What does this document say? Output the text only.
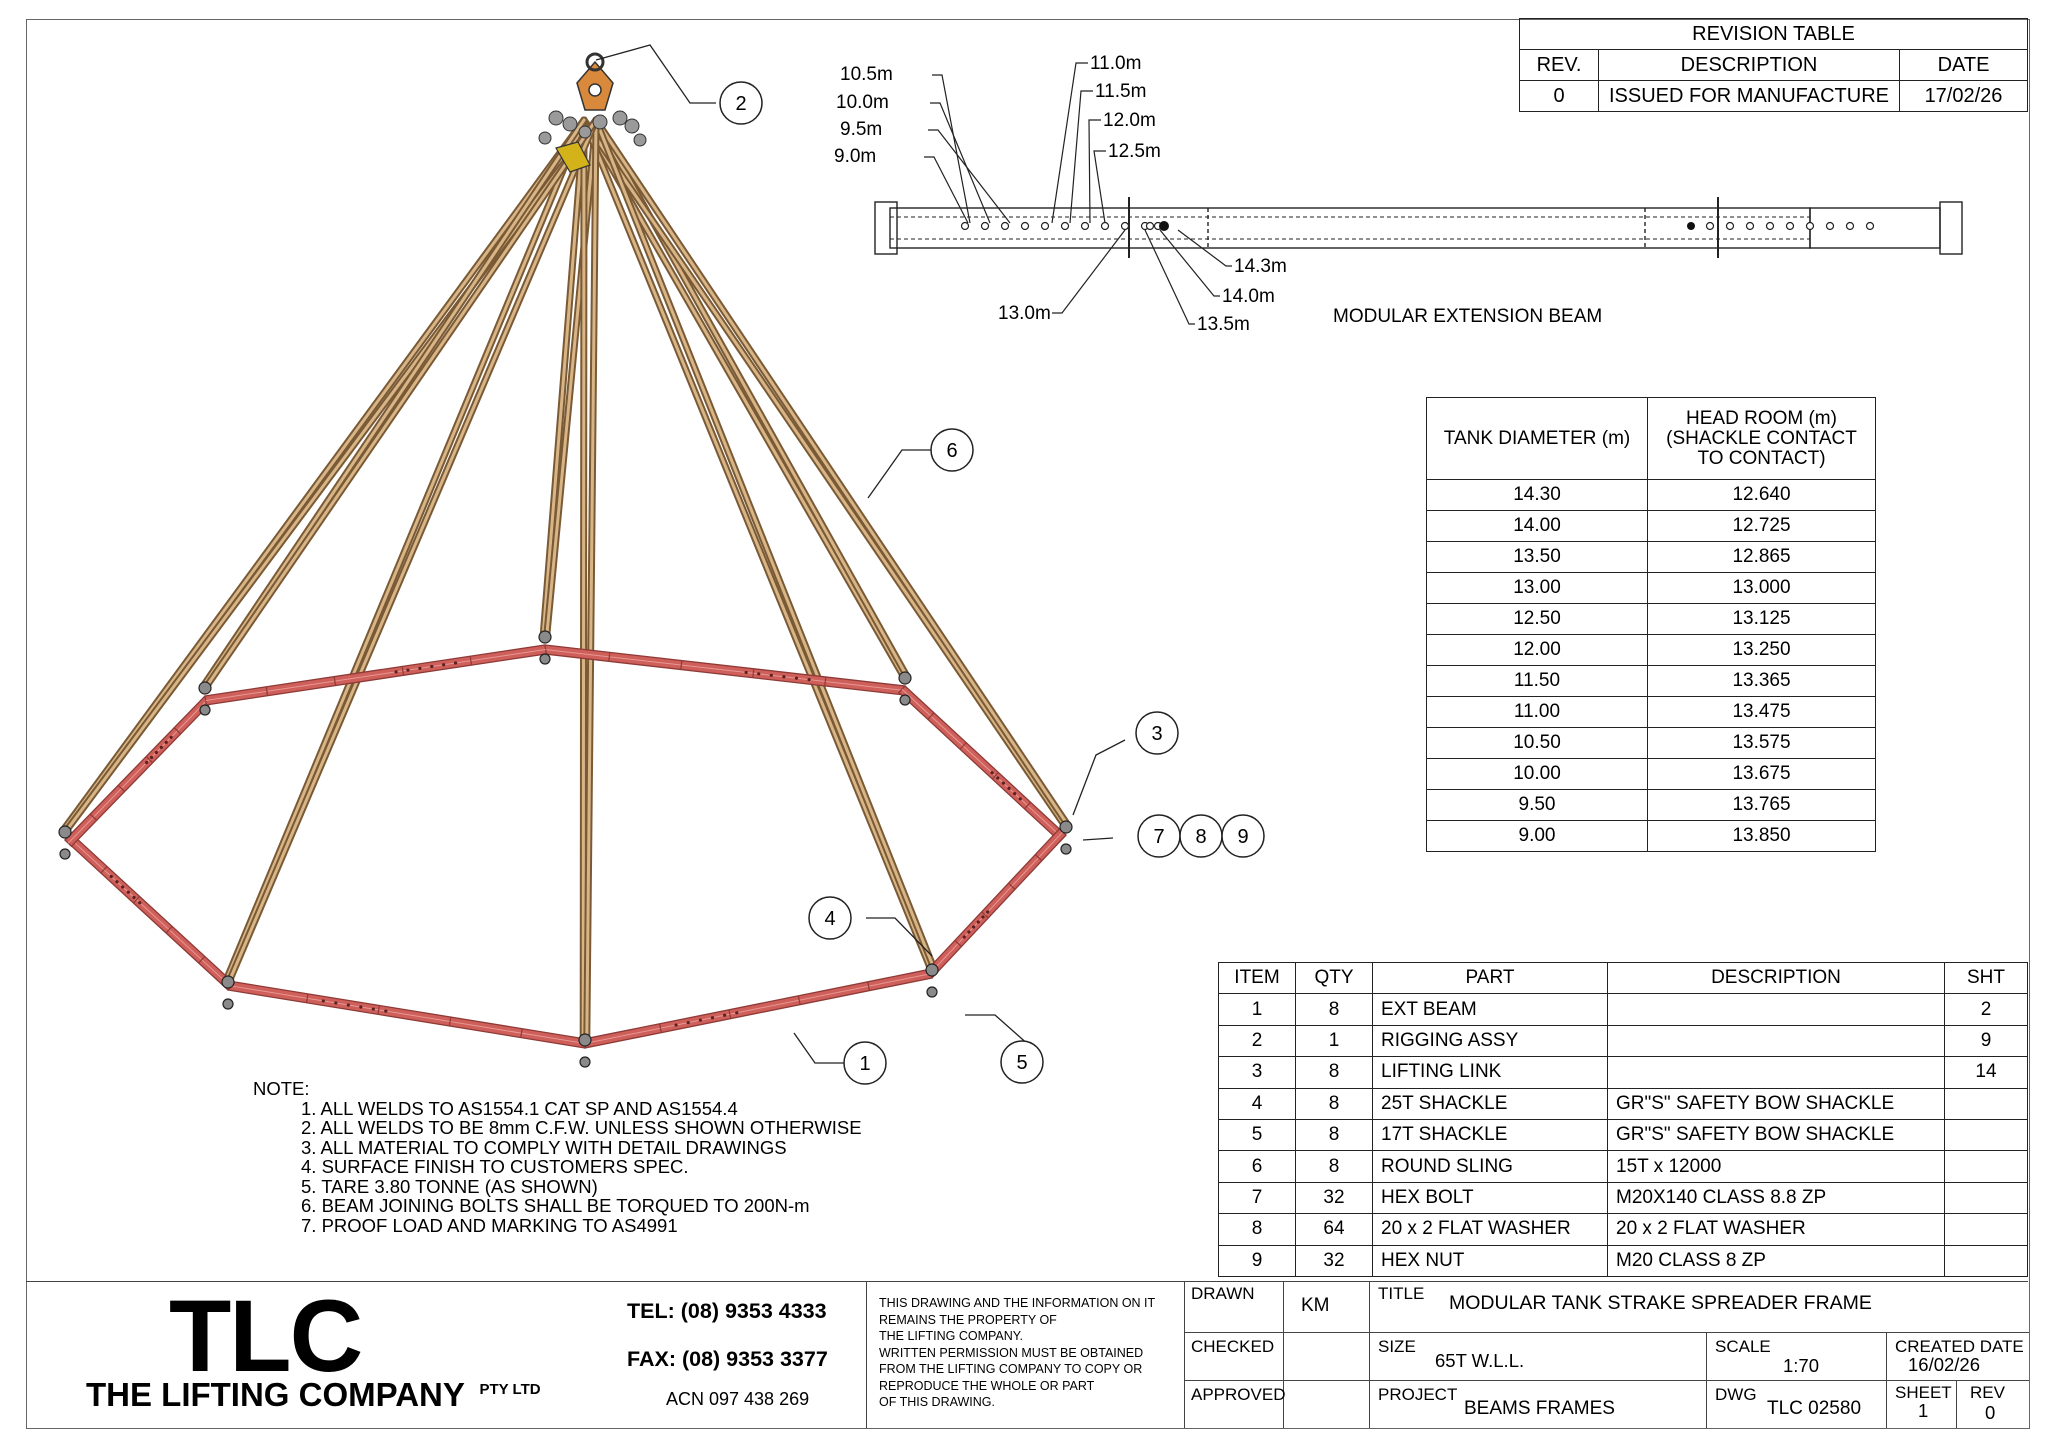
1
2
3
4
5
6
7 8 9
10.5m
10.0m
9.5m
9.0m
11.0m
11.5m
12.0m
12.5m
14.3m
14.0m
13.5m
13.0m	MODULAR EXTENSION BEAM
REVISION TABLE		
REV.	DESCRIPTION	DATE
0	ISSUED FOR MANUFACTURE	17/02/26
TANK DIAMETER (m)	HEAD ROOM (m)
(SHACKLE CONTACT
TO CONTACT)

14.30	12.640
14.00	12.725
13.50	12.865
13.00	13.000
12.50	13.125
12.00	13.250
11.50	13.365
11.00	13.475
10.50	13.575
10.00	13.675
9.50	13.765
9.00	13.850
ITEM	QTY	PART	DESCRIPTION	SHT
1	8	EXT BEAM		2
2	1	RIGGING ASSY		9
3	8	LIFTING LINK		14
4	8	25T SHACKLE	GR"S" SAFETY BOW SHACKLE	
5	8	17T SHACKLE	GR"S" SAFETY BOW SHACKLE	
6	8	ROUND SLING	15T x 12000	
7	32	HEX BOLT	M20X140 CLASS 8.8 ZP	
8	64	20 x 2 FLAT WASHER	20 x 2 FLAT WASHER	
9	32	HEX NUT	M20 CLASS 8 ZP	
NOTE:
1. ALL WELDS TO AS1554.1 CAT SP AND AS1554.4
2. ALL WELDS TO BE 8mm C.F.W. UNLESS SHOWN OTHERWISE
3. ALL MATERIAL TO COMPLY WITH DETAIL DRAWINGS
4. SURFACE FINISH TO CUSTOMERS SPEC.
5. TARE 3.80 TONNE (AS SHOWN)
6. BEAM JOINING BOLTS SHALL BE TORQUED TO 200N-m
7. PROOF LOAD AND MARKING TO AS4991
TLC
THE LIFTING COMPANY $^{PTY LTD}$
TEL: (08) 9353 4333
FAX: (08) 9353 3377
ACN 097 438 269
THIS DRAWING AND THE INFORMATION ON IT
REMAINS THE PROPERTY OF
THE LIFTING COMPANY.
WRITTEN PERMISSION MUST BE OBTAINED
FROM THE LIFTING COMPANY TO COPY OR
REPRODUCE THE WHOLE OR PART
OF THIS DRAWING.
DRAWN
KM
CHECKED
APPROVED
TITLE MODULAR TANK STRAKE SPREADER FRAME
SIZE
65T W.L.L.
SCALE
1:70
CREATED DATE
16/02/26
PROJECT
BEAMS FRAMES
DWG
TLC 02580
SHEET
1
REV
0
